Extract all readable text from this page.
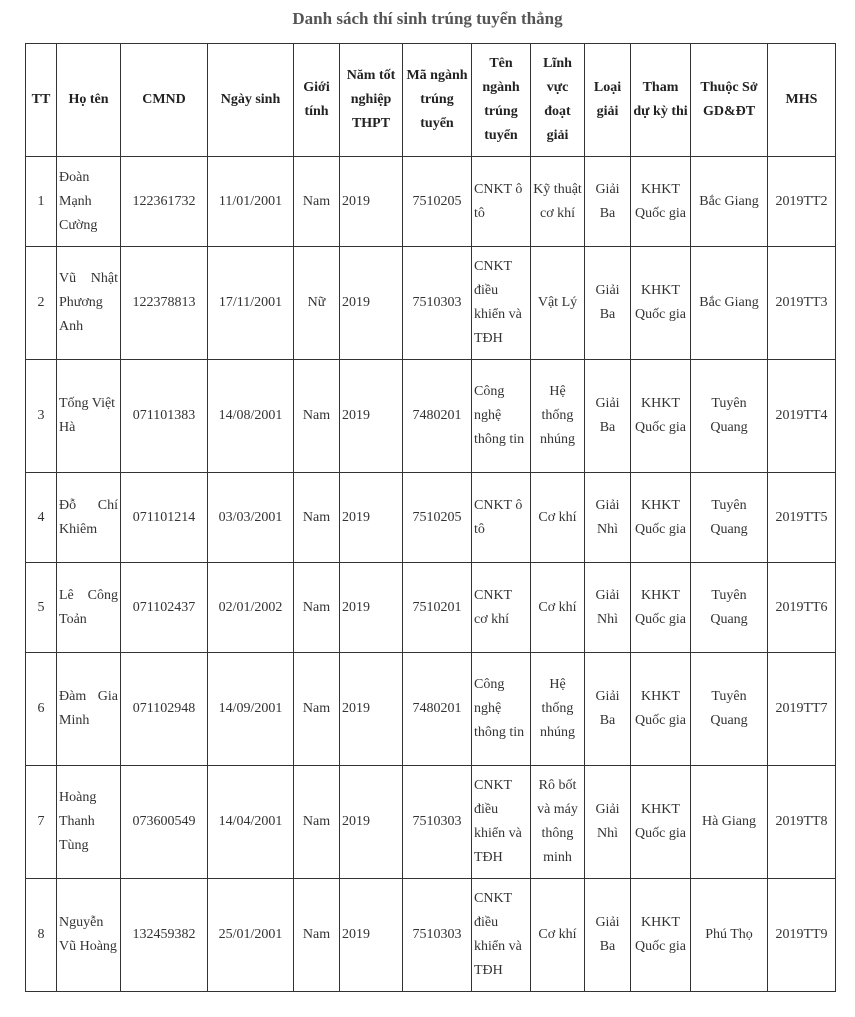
Danh sách thí sinh trúng tuyển thẳng
TT	Họ tên	CMND	Ngày sinh	Giới tính	Năm tốt nghiệp THPT	Mã ngành trúng tuyển	Tên ngành trúng tuyển	Lĩnh vực đoạt giải	Loại giải	Tham dự kỳ thi	Thuộc Sở GD&ĐT	MHS
1	Đoàn Mạnh Cường	122361732	11/01/2001	Nam	2019	7510205	CNKT ô tô	Kỹ thuật cơ khí	Giải Ba	KHKT Quốc gia	Bắc Giang	2019TT2
2	Vũ Nhật Phương Anh	122378813	17/11/2001	Nữ	2019	7510303	CNKT điều khiển và TĐH	Vật Lý	Giải Ba	KHKT Quốc gia	Bắc Giang	2019TT3
3	Tống Việt Hà	071101383	14/08/2001	Nam	2019	7480201	Công nghệ thông tin	Hệ thống nhúng	Giải Ba	KHKT Quốc gia	Tuyên Quang	2019TT4
4	Đỗ Chí Khiêm	071101214	03/03/2001	Nam	2019	7510205	CNKT ô tô	Cơ khí	Giải Nhì	KHKT Quốc gia	Tuyên Quang	2019TT5
5	Lê Công Toản	071102437	02/01/2002	Nam	2019	7510201	CNKT cơ khí	Cơ khí	Giải Nhì	KHKT Quốc gia	Tuyên Quang	2019TT6
6	Đàm Gia Minh	071102948	14/09/2001	Nam	2019	7480201	Công nghệ thông tin	Hệ thống nhúng	Giải Ba	KHKT Quốc gia	Tuyên Quang	2019TT7
7	Hoàng Thanh Tùng	073600549	14/04/2001	Nam	2019	7510303	CNKT điều khiển và TĐH	Rô bốt và máy thông minh	Giải Nhì	KHKT Quốc gia	Hà Giang	2019TT8
8	Nguyễn Vũ Hoàng	132459382	25/01/2001	Nam	2019	7510303	CNKT điều khiển và TĐH	Cơ khí	Giải Ba	KHKT Quốc gia	Phú Thọ	2019TT9
